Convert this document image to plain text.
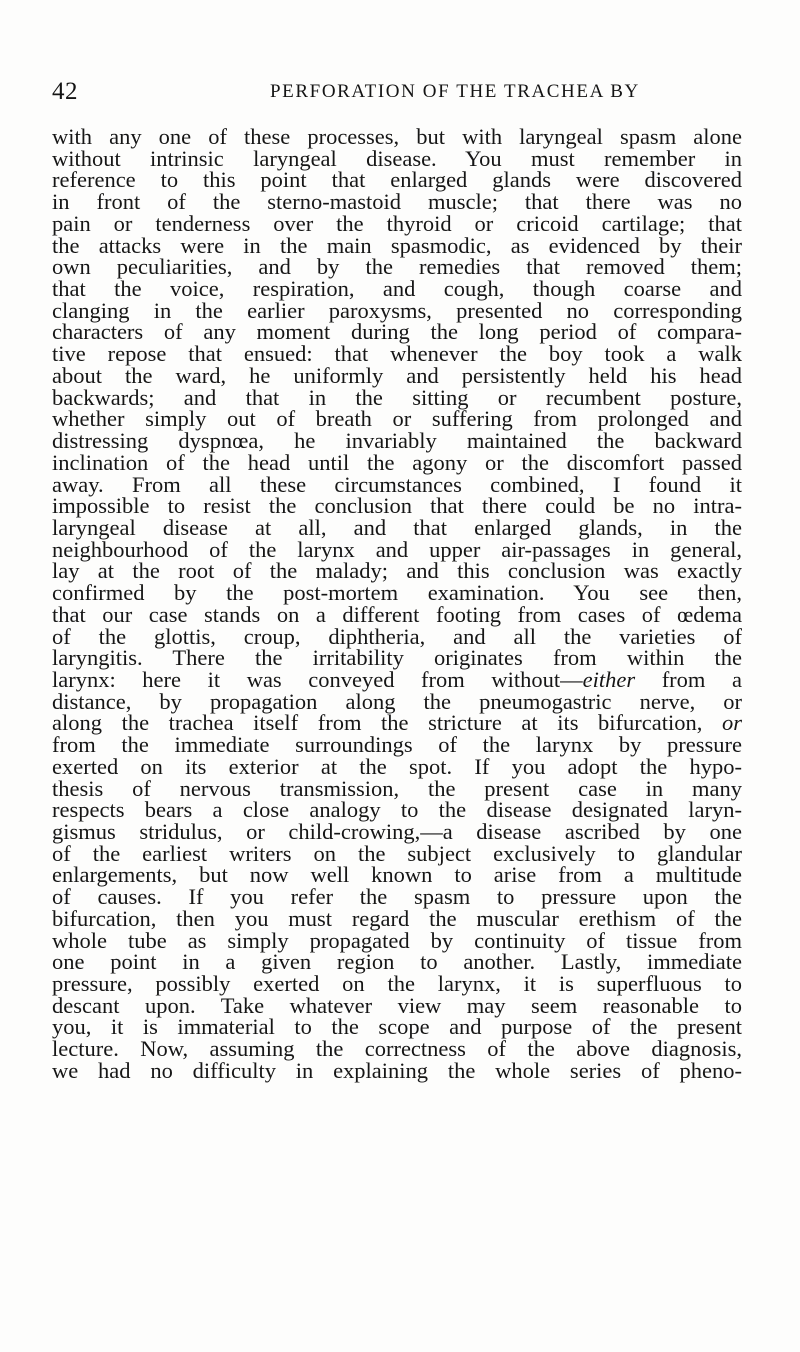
42	PERFORATION OF THE TRACHEA BY
with any one of these processes, but with laryngeal spasm alone
without intrinsic laryngeal disease. You must remember in
reference to this point that enlarged glands were discovered
in front of the sterno-mastoid muscle; that there was no
pain or tenderness over the thyroid or cricoid cartilage; that
the attacks were in the main spasmodic, as evidenced by their
own peculiarities, and by the remedies that removed them;
that the voice, respiration, and cough, though coarse and
clanging in the earlier paroxysms, presented no corresponding
characters of any moment during the long period of compara-
tive repose that ensued: that whenever the boy took a walk
about the ward, he uniformly and persistently held his head
backwards; and that in the sitting or recumbent posture,
whether simply out of breath or suffering from prolonged and
distressing dyspnœa, he invariably maintained the backward
inclination of the head until the agony or the discomfort passed
away. From all these circumstances combined, I found it
impossible to resist the conclusion that there could be no intra-
laryngeal disease at all, and that enlarged glands, in the
neighbourhood of the larynx and upper air-passages in general,
lay at the root of the malady; and this conclusion was exactly
confirmed by the post-mortem examination. You see then,
that our case stands on a different footing from cases of œdema
of the glottis, croup, diphtheria, and all the varieties of
laryngitis. There the irritability originates from within the
larynx: here it was conveyed from without—either from a
distance, by propagation along the pneumogastric nerve, or
along the trachea itself from the stricture at its bifurcation, or
from the immediate surroundings of the larynx by pressure
exerted on its exterior at the spot. If you adopt the hypo-
thesis of nervous transmission, the present case in many
respects bears a close analogy to the disease designated laryn-
gismus stridulus, or child-crowing,—a disease ascribed by one
of the earliest writers on the subject exclusively to glandular
enlargements, but now well known to arise from a multitude
of causes. If you refer the spasm to pressure upon the
bifurcation, then you must regard the muscular erethism of the
whole tube as simply propagated by continuity of tissue from
one point in a given region to another. Lastly, immediate
pressure, possibly exerted on the larynx, it is superfluous to
descant upon. Take whatever view may seem reasonable to
you, it is immaterial to the scope and purpose of the present
lecture. Now, assuming the correctness of the above diagnosis,
we had no difficulty in explaining the whole series of pheno-
